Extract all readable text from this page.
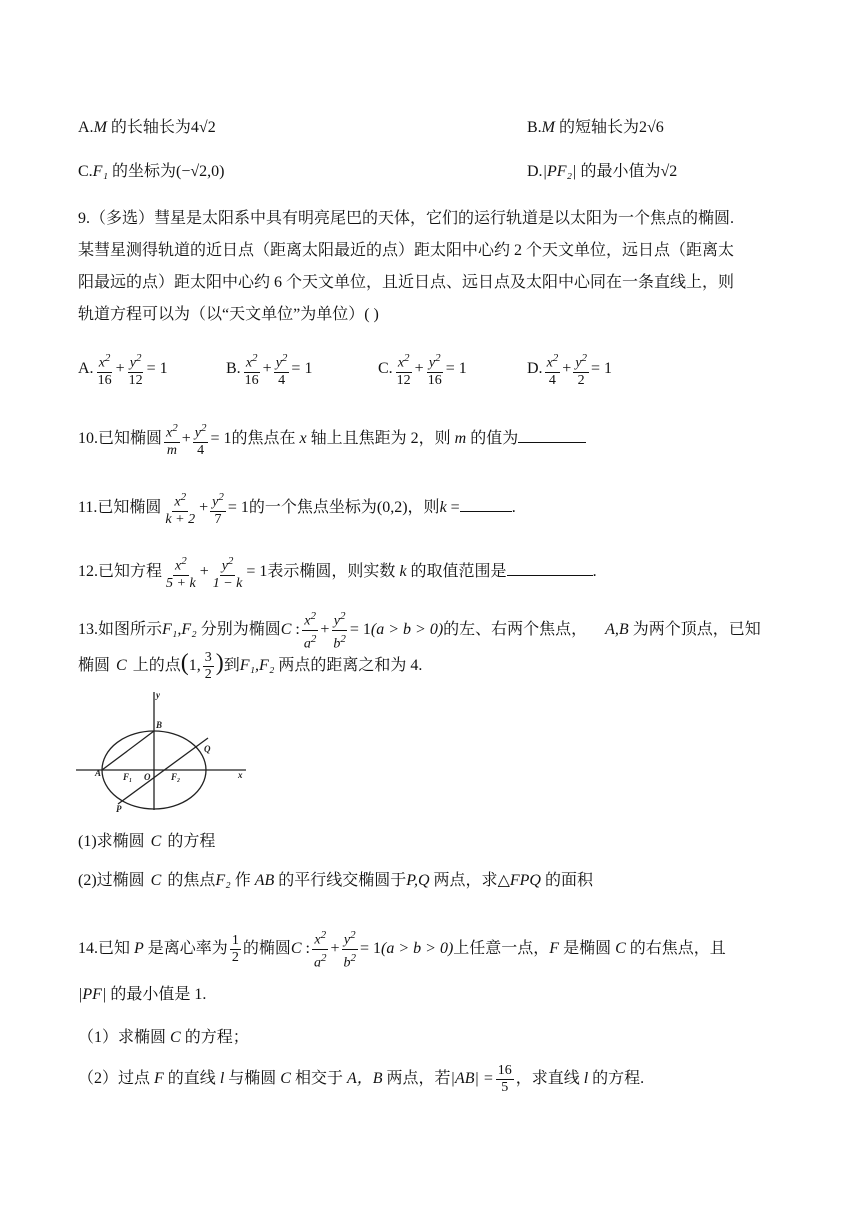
A.M 的长轴长为4√2	B.M 的短轴长为2√6
C.F₁ 的坐标为(−√2,0)	D.|PF₂| 的最小值为√2
9.（多选）彗星是太阳系中具有明亮尾巴的天体，它们的运行轨道是以太阳为一个焦点的椭圆.
某彗星测得轨道的近日点（距离太阳最近的点）距太阳中心约 2 个天文单位，远日点（距离太
阳最远的点）距太阳中心约 6 个天文单位，且近日点、远日点及太阳中心同在一条直线上，则
轨道方程可以为（以“天文单位”为单位）( )
A. $\frac{x^2}{16} + \frac{y^2}{12} = 1$	B. $\frac{x^2}{16} + \frac{y^2}{4} = 1$	C. $\frac{x^2}{12} + \frac{y^2}{16} = 1$	D. $\frac{x^2}{4} + \frac{y^2}{2} = 1$
10.已知椭圆 $\frac{x^2}{m} + \frac{y^2}{4} = 1$的焦点在 x 轴上且焦距为 2，则 m 的值为
11.已知椭圆 $\frac{x^2}{k + 2} + \frac{y^2}{7} = 1$的一个焦点坐标为(0,2)，则k =	.
12.已知方程 $\frac{x^2}{5 + k} + \frac{y^2}{1 - k} = 1$表示椭圆，则实数 k 的取值范围是	.
13.如图所示F₁,F₂ 分别为椭圆C : $\frac{x^2}{a^2} + \frac{y^2}{b^2} = 1(a > b > 0)$的左、右两个焦点， A,B 为两个顶点，已知
椭圆 C 上的点(1, $\frac{3}{2}$ )到F₁,F₂ 两点的距离之和为 4.
y
x
A
B
O
F₁	F₂
P
Q
(1)求椭圆 C 的方程
(2)过椭圆 C 的焦点F₂ 作 AB 的平行线交椭圆于P,Q 两点，求△FPQ 的面积
14.已知 P 是离心率为 $\frac{1}{2}$ 的椭圆C : $\frac{x^2}{a^2} + \frac{y^2}{b^2} = 1(a > b > 0)$上任意一点，F 是椭圆 C 的右焦点，且
|PF| 的最小值是 1.
（1）求椭圆 C 的方程；
（2）过点 F 的直线 l 与椭圆 C 相交于 A，B 两点，若$|AB| = \frac{16}{5}$ ，求直线 l 的方程.
